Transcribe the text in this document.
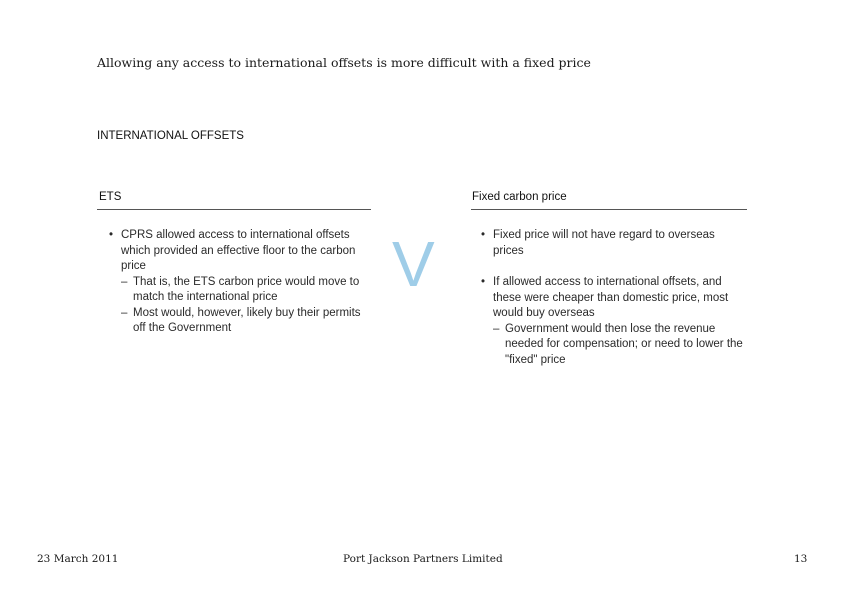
Allowing any access to international offsets is more difficult with a fixed price
INTERNATIONAL OFFSETS
ETS
• CPRS allowed access to international offsets which provided an effective floor to the carbon price
– That is, the ETS carbon price would move to match the international price
– Most would, however, likely buy their permits off the Government
V
Fixed carbon price
• Fixed price will not have regard to overseas prices
• If allowed access to international offsets, and these were cheaper than domestic price, most would buy overseas
– Government would then lose the revenue needed for compensation; or need to lower the "fixed" price
23 March 2011	Port Jackson Partners Limited	13
